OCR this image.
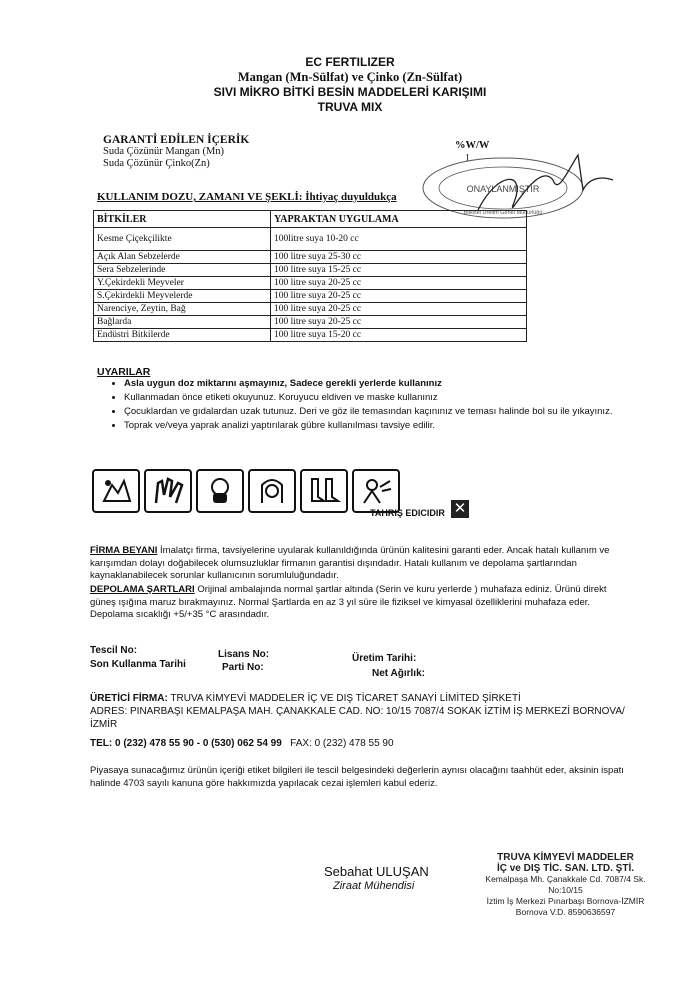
EC FERTILIZER
Mangan (Mn-Sülfat) ve Çinko (Zn-Sülfat)
SIVI MİKRO BİTKİ BESİN MADDELERİ KARIŞIMI
TRUVA MIX
GARANTİ EDİLEN İÇERİK
Suda Çözünür Mangan (Mn)
Suda Çözünür Çinko(Zn)
%W/W
1
ONAYLANMIŞTIR
Bitkisel Üretim Genel Müdürlüğü
KULLANIM DOZU, ZAMANI VE ŞEKLİ: İhtiyaç duyuldukça
BİTKİLER	YAPRAKTAN UYGULAMA
Kesme Çiçekçilikte	100litre suya 10-20 cc
Açık Alan Sebzelerde	100 litre suya 25-30 cc
Sera Sebzelerinde	100 litre suya 15-25 cc
Y.Çekirdekli Meyveler	100 litre suya 20-25 cc
S.Çekirdekli Meyvelerde	100 litre suya 20-25 cc
Narenciye, Zeytin, Bağ	100 litre suya 20-25 cc
Bağlarda	100 litre suya 20-25 cc
Endüstri Bitkilerde	100 litre suya 15-20 cc
UYARILAR
• Asla uygun doz miktarını aşmayınız, Sadece gerekli yerlerde kullanınız
• Kullanmadan önce etiketi okuyunuz. Koruyucu eldiven ve maske kullanınız
• Çocuklardan ve gıdalardan uzak tutunuz. Deri ve göz ile temasından kaçınınız ve teması halinde bol su ile yıkayınız.
• Toprak ve/veya yaprak analizi yaptırılarak gübre kullanılması tavsiye edilir.
TAHRIŞ EDICIDIR ✕
FİRMA BEYANI İmalatçı firma, tavsiyelerine uyularak kullanıldığında ürünün kalitesini garanti eder. Ancak hatalı kullanım ve karışımdan dolayı doğabilecek olumsuzluklar firmanın garantisi dışındadır. Hatalı kullanım ve depolama şartlarından kaynaklanabilecek sorunlar kullanıcının sorumluluğundadır.
DEPOLAMA ŞARTLARI Orijinal ambalajında normal şartlar altında (Serin ve kuru yerlerde ) muhafaza ediniz. Ürünü direkt güneş ışığına maruz bırakmayınız. Normal Şartlarda en az 3 yıl süre ile fiziksel ve kimyasal özelliklerini muhafaza eder. Depolama sıcaklığı +5/+35 °C arasındadır.
Tescil No:
Son Kullanma Tarihi
Lisans No:
Parti No:
Üretim Tarihi:
Net Ağırlık:
ÜRETİCİ FİRMA: TRUVA KİMYEVİ MADDELER İÇ VE DIŞ TİCARET SANAYİ LİMİTED ŞİRKETİ
ADRES: PINARBAŞI KEMALPAŞA MAH. ÇANAKKALE CAD. NO: 10/15 7087/4 SOKAK İZTİM İŞ MERKEZİ BORNOVA/İZMİR
TEL: 0 (232) 478 55 90 - 0 (530) 062 54 99 FAX: 0 (232) 478 55 90
Piyasaya sunacağımız ürünün içeriği etiket bilgileri ile tescil belgesindeki değerlerin aynısı olacağını taahhüt eder, aksinin ispatı halinde 4703 sayılı kanuna göre hakkımızda yapılacak cezai işlemleri kabul ederiz.
Sebahat ULUŞAN
Ziraat Mühendisi
TRUVA KİMYEVİ MADDELER
İÇ ve DIŞ TİC. SAN. LTD. ŞTİ.
Kemalpaşa Mh. Çanakkale Cd. 7087/4 Sk. No:10/15
İztim İş Merkezi Pınarbaşı Bornova-İZMİR
Bornova V.D. 8590636597
